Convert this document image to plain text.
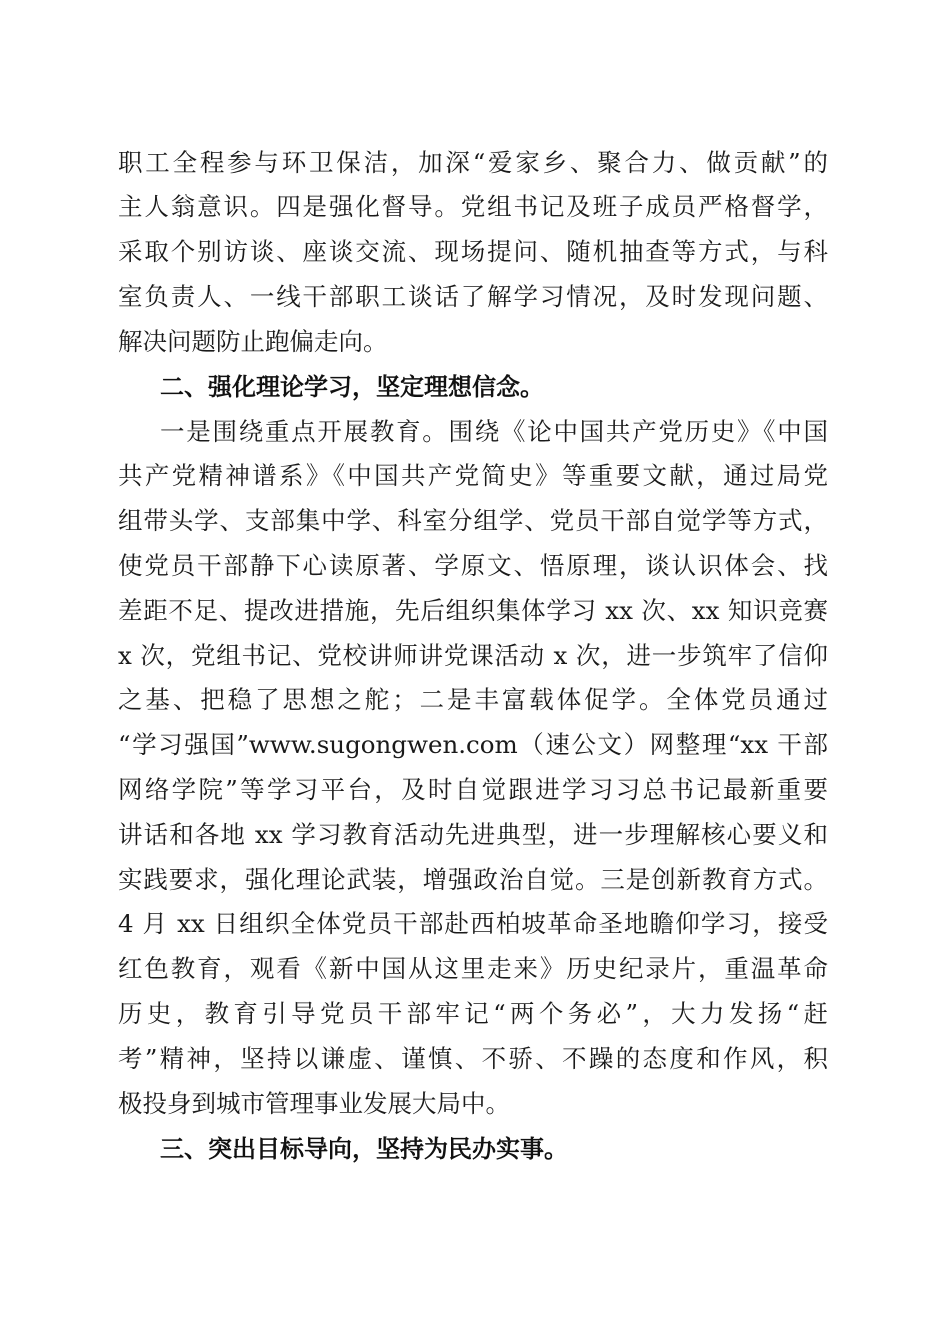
职工全程参与环卫保洁，加深“爱家乡、聚合力、做贡献”的
主人翁意识。四是强化督导。党组书记及班子成员严格督学，
采取个别访谈、座谈交流、现场提问、随机抽查等方式，与科
室负责人、一线干部职工谈话了解学习情况，及时发现问题、
解决问题防止跑偏走向。
二、强化理论学习，坚定理想信念。
一是围绕重点开展教育。围绕《论中国共产党历史》《中国
共产党精神谱系》《中国共产党简史》等重要文献，通过局党
组带头学、支部集中学、科室分组学、党员干部自觉学等方式，
使党员干部静下心读原著、学原文、悟原理，谈认识体会、找
差距不足、提改进措施，先后组织集体学习 xx 次、xx 知识竞赛
x 次，党组书记、党校讲师讲党课活动 x 次，进一步筑牢了信仰
之基、把稳了思想之舵；二是丰富载体促学。全体党员通过
“学习强国”www.sugongwen.com（速公文）网整理“xx 干部
网络学院”等学习平台，及时自觉跟进学习习总书记最新重要
讲话和各地 xx 学习教育活动先进典型，进一步理解核心要义和
实践要求，强化理论武装，增强政治自觉。三是创新教育方式。
4 月 xx 日组织全体党员干部赴西柏坡革命圣地瞻仰学习，接受
红色教育，观看《新中国从这里走来》历史纪录片，重温革命
历史，教育引导党员干部牢记“两个务必”，大力发扬“赶
考”精神，坚持以谦虚、谨慎、不骄、不躁的态度和作风，积
极投身到城市管理事业发展大局中。
三、突出目标导向，坚持为民办实事。
